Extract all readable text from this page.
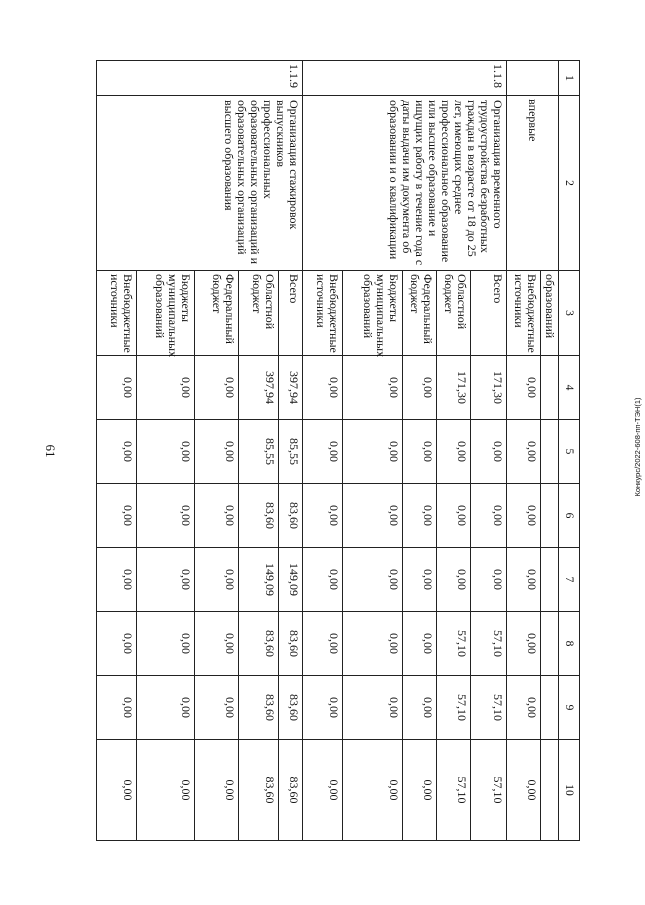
61	Конкурс/2022-608-пп-ТЭН(1)
1	2	3	4	5	6	7	8	9	10
	впервые	образований							
		Внебюджетные источники	0,00	0,00	0,00	0,00	0,00	0,00	0,00
1.1.8	Организация временного трудоустройства безработных граждан в возрасте от 18 до 25 лет, имеющих среднее профессиональное образование или высшее образование и ищущих работу в течение года с даты выдачи им документа об образовании и о квалификации	Всего	171,30	0,00	0,00	0,00	57,10	57,10	57,10
		Областной бюджет	171,30	0,00	0,00	0,00	57,10	57,10	57,10
		Федеральный бюджет	0,00	0,00	0,00	0,00	0,00	0,00	0,00
		Бюджеты муниципальных образований	0,00	0,00	0,00	0,00	0,00	0,00	0,00
		Внебюджетные источники	0,00	0,00	0,00	0,00	0,00	0,00	0,00
1.1.9	Организация стажировок выпускников профессиональных образовательных организаций и образовательных организаций высшего образования	Всего	397,94	85,55	83,60	149,09	83,60	83,60	83,60
		Областной бюджет	397,94	85,55	83,60	149,09	83,60	83,60	83,60
		Федеральный бюджет	0,00	0,00	0,00	0,00	0,00	0,00	0,00
		Бюджеты муниципальных образований	0,00	0,00	0,00	0,00	0,00	0,00	0,00
		Внебюджетные источники	0,00	0,00	0,00	0,00	0,00	0,00	0,00
